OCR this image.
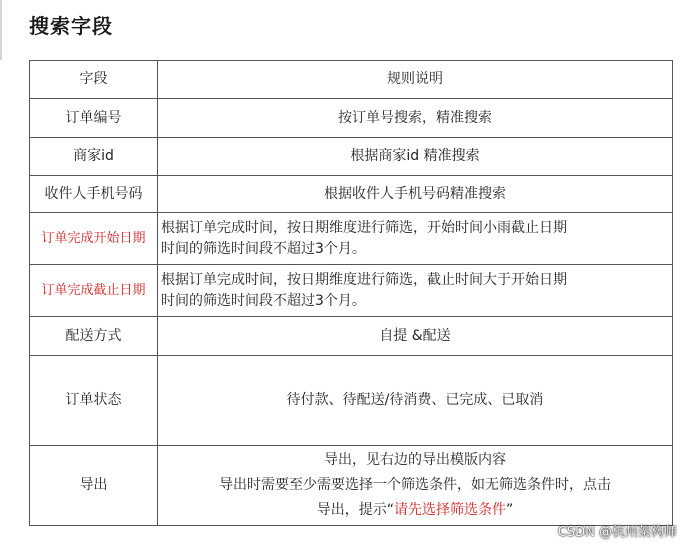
搜索字段
字段	规则说明
订单编号	按订单号搜索，精准搜索
商家id	根据商家id 精准搜索
收件人手机号码	根据收件人手机号码精准搜索
订单完成开始日期	根据订单完成时间，按日期维度进行筛选，开始时间小雨截止日期
时间的筛选时间段不超过3个月。

订单完成截止日期	根据订单完成时间，按日期维度进行筛选，截止时间大于开始日期
时间的筛选时间段不超过3个月。

配送方式	自提 &配送
订单状态	待付款、待配送/待消费、已完成、已取消
导出	导出，见右边的导出模版内容
导出时需要至少需要选择一个筛选条件，如无筛选条件时，点击
导出，提示“请先选择筛选条件”
CSDN @杭州架构师
